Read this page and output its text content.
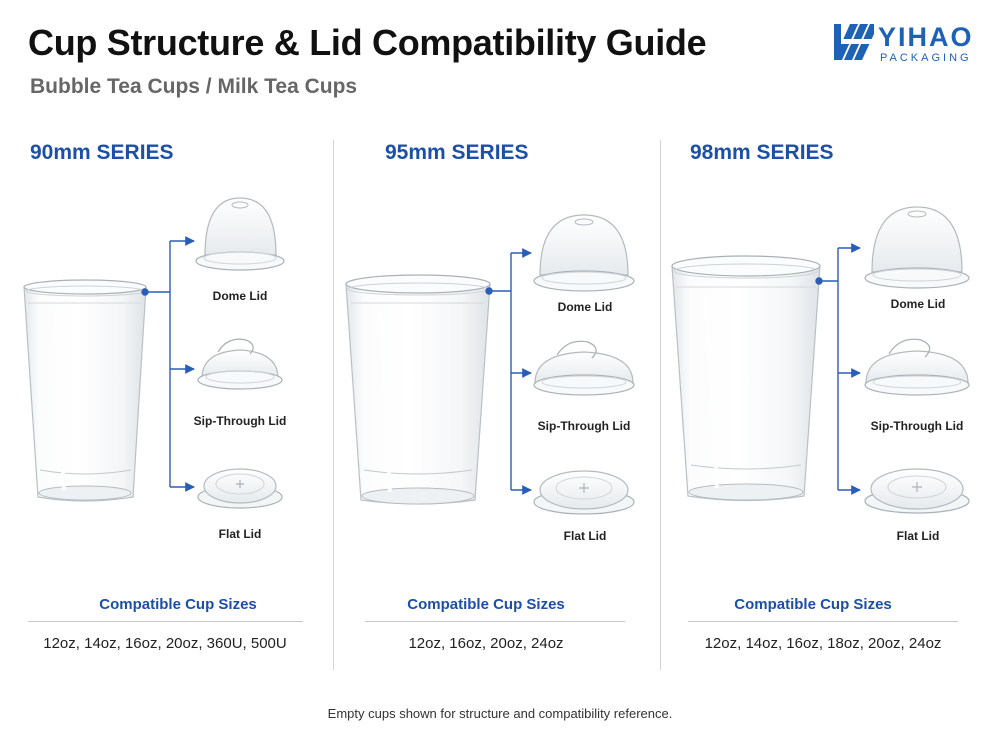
Cup Structure & Lid Compatibility Guide
Bubble Tea Cups / Milk Tea Cups
YIHAO
PACKAGING
90mm SERIES
Dome Lid
Sip-Through Lid
Flat Lid
Compatible Cup Sizes
12oz, 14oz, 16oz, 20oz, 360U, 500U
95mm SERIES
Dome Lid
Sip-Through Lid
Flat Lid
Compatible Cup Sizes
12oz, 16oz, 20oz, 24oz
98mm SERIES
Dome Lid
Sip-Through Lid
Flat Lid
Compatible Cup Sizes
12oz, 14oz, 16oz, 18oz, 20oz, 24oz
Empty cups shown for structure and compatibility reference.
